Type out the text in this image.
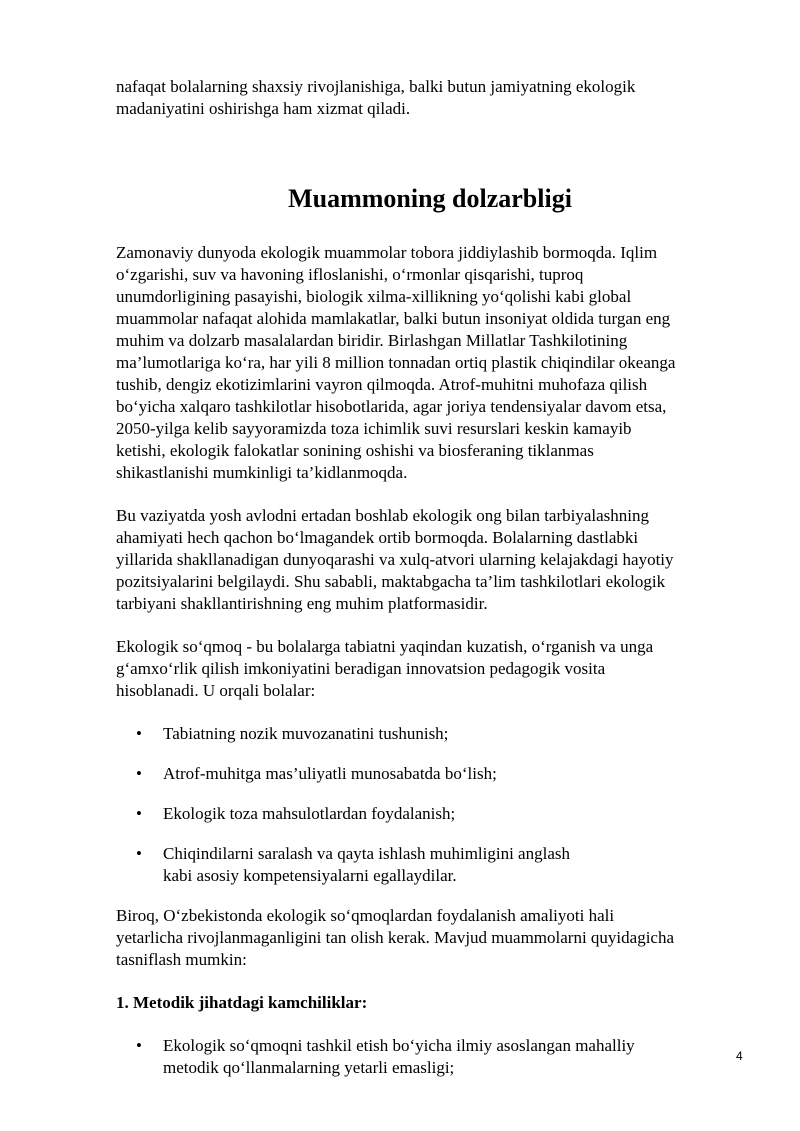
nafaqat bolalarning shaxsiy rivojlanishiga, balki butun jamiyatning ekologik
madaniyatini oshirishga ham xizmat qiladi.
Muammoning dolzarbligi
Zamonaviy dunyoda ekologik muammolar tobora jiddiylashib bormoqda. Iqlim
o‘zgarishi, suv va havoning ifloslanishi, o‘rmonlar qisqarishi, tuproq
unumdorligining pasayishi, biologik xilma-xillikning yo‘qolishi kabi global
muammolar nafaqat alohida mamlakatlar, balki butun insoniyat oldida turgan eng
muhim va dolzarb masalalardan biridir. Birlashgan Millatlar Tashkilotining
ma’lumotlariga ko‘ra, har yili 8 million tonnadan ortiq plastik chiqindilar okeanga
tushib, dengiz ekotizimlarini vayron qilmoqda. Atrof-muhitni muhofaza qilish
bo‘yicha xalqaro tashkilotlar hisobotlarida, agar joriya tendensiyalar davom etsa,
2050-yilga kelib sayyoramizda toza ichimlik suvi resurslari keskin kamayib
ketishi, ekologik falokatlar sonining oshishi va biosferaning tiklanmas
shikastlanishi mumkinligi ta’kidlanmoqda.
Bu vaziyatda yosh avlodni ertadan boshlab ekologik ong bilan tarbiyalashning
ahamiyati hech qachon bo‘lmagandek ortib bormoqda. Bolalarning dastlabki
yillarida shakllanadigan dunyoqarashi va xulq-atvori ularning kelajakdagi hayotiy
pozitsiyalarini belgilaydi. Shu sababli, maktabgacha ta’lim tashkilotlari ekologik
tarbiyani shakllantirishning eng muhim platformasidir.
Ekologik so‘qmoq - bu bolalarga tabiatni yaqindan kuzatish, o‘rganish va unga
g‘amxo‘rlik qilish imkoniyatini beradigan innovatsion pedagogik vosita
hisoblanadi. U orqali bolalar:
• Tabiatning nozik muvozanatini tushunish;
• Atrof-muhitga mas’uliyatli munosabatda bo‘lish;
• Ekologik toza mahsulotlardan foydalanish;
• Chiqindilarni saralash va qayta ishlash muhimligini anglash
kabi asosiy kompetensiyalarni egallaydilar.
Biroq, O‘zbekistonda ekologik so‘qmoqlardan foydalanish amaliyoti hali
yetarlicha rivojlanmaganligini tan olish kerak. Mavjud muammolarni quyidagicha
tasniflash mumkin:
1. Metodik jihatdagi kamchiliklar:
• Ekologik so‘qmoqni tashkil etish bo‘yicha ilmiy asoslangan mahalliy
metodik qo‘llanmalarning yetarli emasligi;
4
